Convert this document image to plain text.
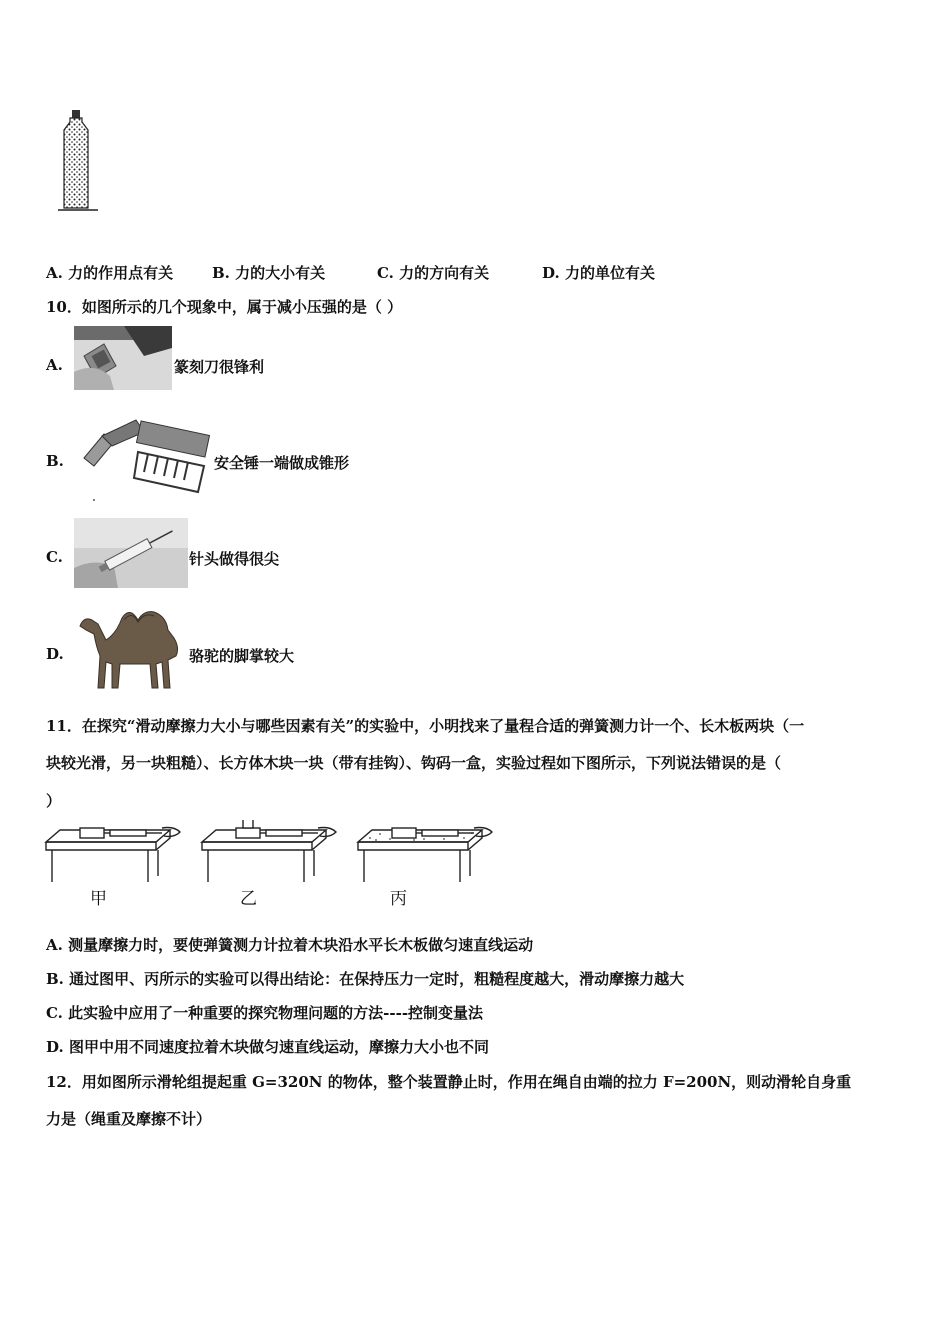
A. 力的作用点有关	B. 力的大小有关	C. 力的方向有关	D. 力的单位有关
10．如图所示的几个现象中，属于减小压强的是（ ）
A.	篆刻刀很锋利
B.	安全锤一端做成锥形
C.	针头做得很尖
D.	骆驼的脚掌较大
11．在探究“滑动摩擦力大小与哪些因素有关”的实验中，小明找来了量程合适的弹簧测力计一个、长木板两块（一
块较光滑，另一块粗糙）、长方体木块一块（带有挂钩）、钩码一盒，实验过程如下图所示，下列说法错误的是（
）
甲	乙	丙
A. 测量摩擦力时，要使弹簧测力计拉着木块沿水平长木板做匀速直线运动
B. 通过图甲、丙所示的实验可以得出结论：在保持压力一定时，粗糙程度越大，滑动摩擦力越大
C. 此实验中应用了一种重要的探究物理问题的方法----控制变量法
D. 图甲中用不同速度拉着木块做匀速直线运动，摩擦力大小也不同
12．用如图所示滑轮组提起重 G=320N 的物体，整个装置静止时，作用在绳自由端的拉力 F=200N，则动滑轮自身重
力是（绳重及摩擦不计）
